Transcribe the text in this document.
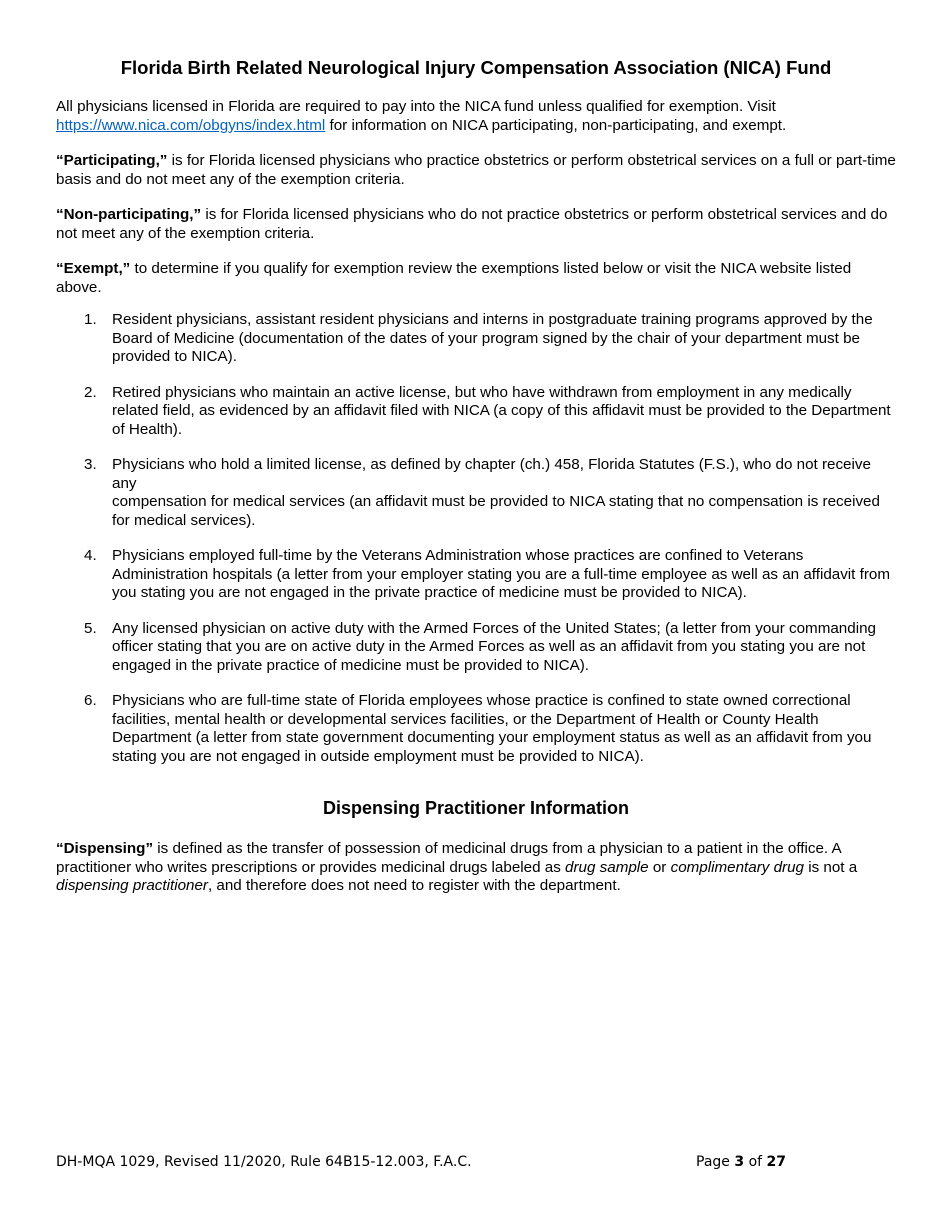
Florida Birth Related Neurological Injury Compensation Association (NICA) Fund

All physicians licensed in Florida are required to pay into the NICA fund unless qualified for exemption. Visit
https://www.nica.com/obgyns/index.html for information on NICA participating, non-participating, and exempt.

“Participating,” is for Florida licensed physicians who practice obstetrics or perform obstetrical services on a full or part-time basis and do not meet any of the exemption criteria.

“Non-participating,” is for Florida licensed physicians who do not practice obstetrics or perform obstetrical services and do not meet any of the exemption criteria.

“Exempt,” to determine if you qualify for exemption review the exemptions listed below or visit the NICA website listed above.

1. Resident physicians, assistant resident physicians and interns in postgraduate training programs approved by the Board of Medicine (documentation of the dates of your program signed by the chair of your department must be provided to NICA).
2. Retired physicians who maintain an active license, but who have withdrawn from employment in any medically related field, as evidenced by an affidavit filed with NICA (a copy of this affidavit must be provided to the Department of Health).
3. Physicians who hold a limited license, as defined by chapter (ch.) 458, Florida Statutes (F.S.), who do not receive any
compensation for medical services (an affidavit must be provided to NICA stating that no compensation is received for medical services).
4. Physicians employed full-time by the Veterans Administration whose practices are confined to Veterans Administration hospitals (a letter from your employer stating you are a full-time employee as well as an affidavit from you stating you are not engaged in the private practice of medicine must be provided to NICA).
5. Any licensed physician on active duty with the Armed Forces of the United States; (a letter from your commanding officer stating that you are on active duty in the Armed Forces as well as an affidavit from you stating you are not engaged in the private practice of medicine must be provided to NICA).
6. Physicians who are full-time state of Florida employees whose practice is confined to state owned correctional facilities, mental health or developmental services facilities, or the Department of Health or County Health Department (a letter from state government documenting your employment status as well as an affidavit from you stating you are not engaged in outside employment must be provided to NICA).
Dispensing Practitioner Information

“Dispensing” is defined as the transfer of possession of medicinal drugs from a physician to a patient in the office. A practitioner who writes prescriptions or provides medicinal drugs labeled as drug sample or complimentary drug is not a
dispensing practitioner, and therefore does not need to register with the department.

DH-MQA 1029, Revised 11/2020, Rule 64B15-12.003, F.A.C.	Page 3 of 27
